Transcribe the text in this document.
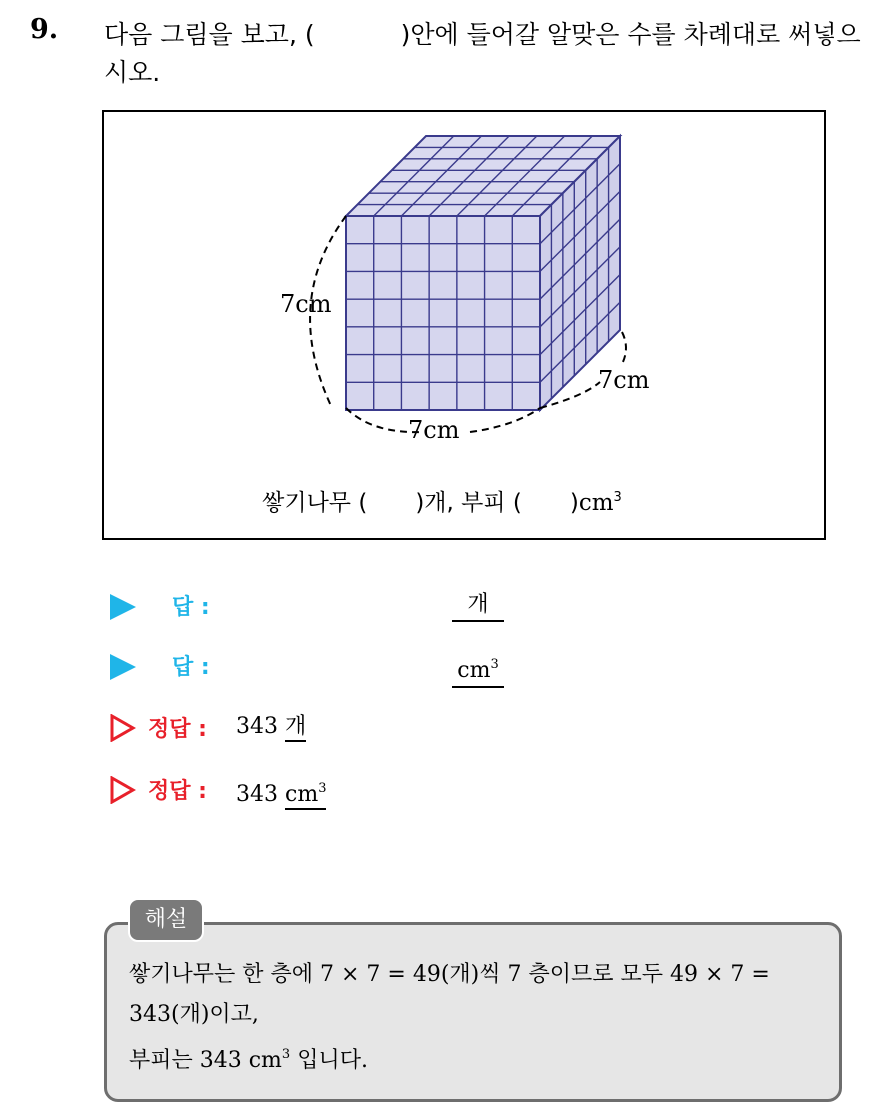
9. 다음 그림을 보고, (	)안에 들어갈 알맞은 수를 차례대로 써넣으시오.
7cm
7cm
7cm
쌓기나무 ( )개, 부피 ( )$cm^3$
답 :	개
답 :	$cm^3$
정답 : 343 개
정답 : 343 $cm^3$
쌓기나무는 한 층에 7 × 7 = 49(개)씩 7 층이므로 모두 49 × 7 =
343(개)이고,
부피는 343 $cm^3$ 입니다.
해설
